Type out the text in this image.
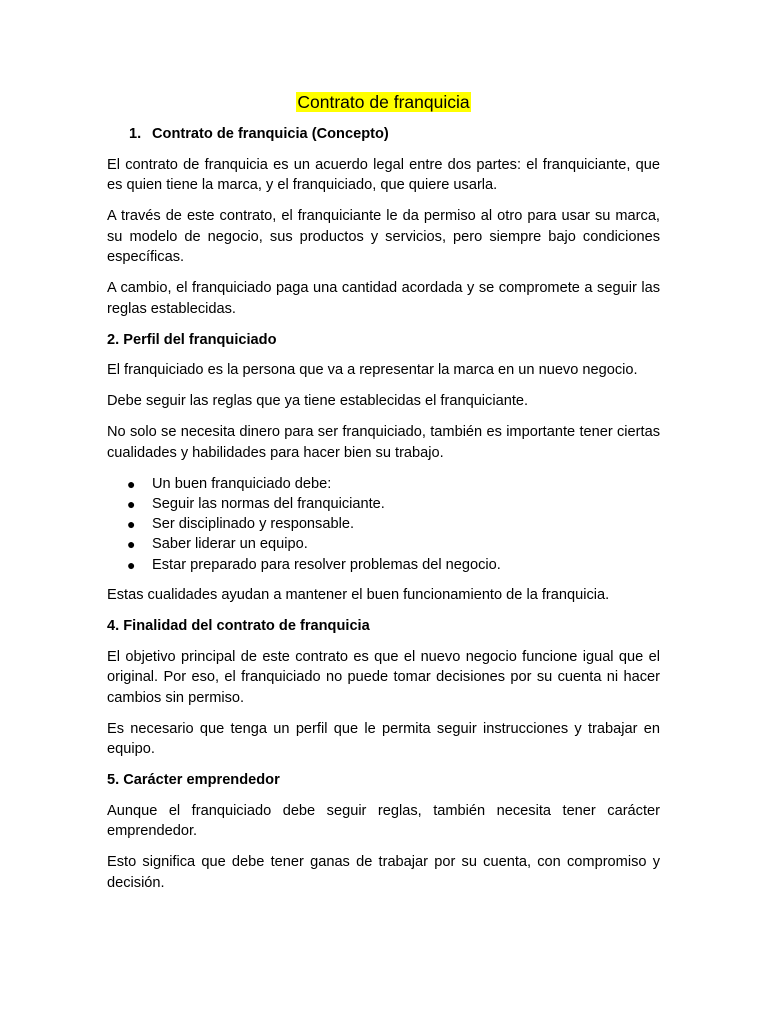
Contrato de franquicia
1. Contrato de franquicia (Concepto)

El contrato de franquicia es un acuerdo legal entre dos partes: el franquiciante, que es quien tiene la marca, y el franquiciado, que quiere usarla.

A través de este contrato, el franquiciante le da permiso al otro para usar su marca, su modelo de negocio, sus productos y servicios, pero siempre bajo condiciones específicas.

A cambio, el franquiciado paga una cantidad acordada y se compromete a seguir las reglas establecidas.

2. Perfil del franquiciado

El franquiciado es la persona que va a representar la marca en un nuevo negocio.

Debe seguir las reglas que ya tiene establecidas el franquiciante.

No solo se necesita dinero para ser franquiciado, también es importante tener ciertas cualidades y habilidades para hacer bien su trabajo.

● Un buen franquiciado debe:
● Seguir las normas del franquiciante.
● Ser disciplinado y responsable.
● Saber liderar un equipo.
● Estar preparado para resolver problemas del negocio.

Estas cualidades ayudan a mantener el buen funcionamiento de la franquicia.

4. Finalidad del contrato de franquicia

El objetivo principal de este contrato es que el nuevo negocio funcione igual que el original. Por eso, el franquiciado no puede tomar decisiones por su cuenta ni hacer cambios sin permiso.

Es necesario que tenga un perfil que le permita seguir instrucciones y trabajar en equipo.

5. Carácter emprendedor

Aunque el franquiciado debe seguir reglas, también necesita tener carácter emprendedor.

Esto significa que debe tener ganas de trabajar por su cuenta, con compromiso y decisión.
